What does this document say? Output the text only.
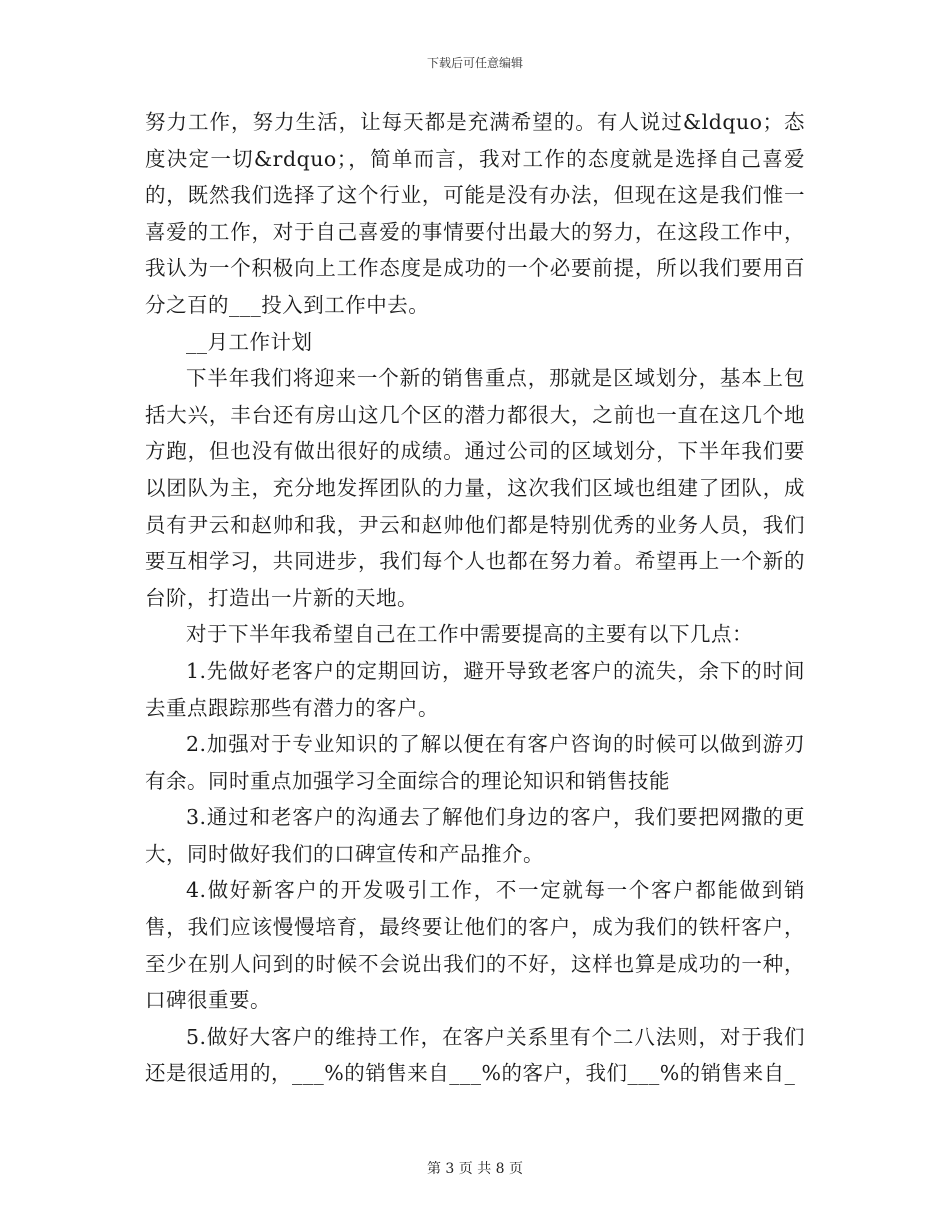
下载后可任意编辑

努力工作，努力生活，让每天都是充满希望的。有人说过&ldquo；态度决定一切&rdquo；，简单而言，我对工作的态度就是选择自己喜爱的，既然我们选择了这个行业，可能是没有办法，但现在这是我们惟一喜爱的工作，对于自己喜爱的事情要付出最大的努力，在这段工作中，我认为一个积极向上工作态度是成功的一个必要前提，所以我们要用百分之百的___投入到工作中去。

__月工作计划

下半年我们将迎来一个新的销售重点，那就是区域划分，基本上包括大兴，丰台还有房山这几个区的潜力都很大，之前也一直在这几个地方跑，但也没有做出很好的成绩。通过公司的区域划分，下半年我们要以团队为主，充分地发挥团队的力量，这次我们区域也组建了团队，成员有尹云和赵帅和我，尹云和赵帅他们都是特别优秀的业务人员，我们要互相学习，共同进步，我们每个人也都在努力着。希望再上一个新的台阶，打造出一片新的天地。

对于下半年我希望自己在工作中需要提高的主要有以下几点：

1.先做好老客户的定期回访，避开导致老客户的流失，余下的时间去重点跟踪那些有潜力的客户。

2.加强对于专业知识的了解以便在有客户咨询的时候可以做到游刃有余。同时重点加强学习全面综合的理论知识和销售技能

3.通过和老客户的沟通去了解他们身边的客户，我们要把网撒的更大，同时做好我们的口碑宣传和产品推介。

4.做好新客户的开发吸引工作，不一定就每一个客户都能做到销售，我们应该慢慢培育，最终要让他们的客户，成为我们的铁杆客户，至少在别人问到的时候不会说出我们的不好，这样也算是成功的一种，口碑很重要。

5.做好大客户的维持工作，在客户关系里有个二八法则，对于我们还是很适用的，___%的销售来自___%的客户，我们___%的销售来自_

第 3 页 共 8 页
